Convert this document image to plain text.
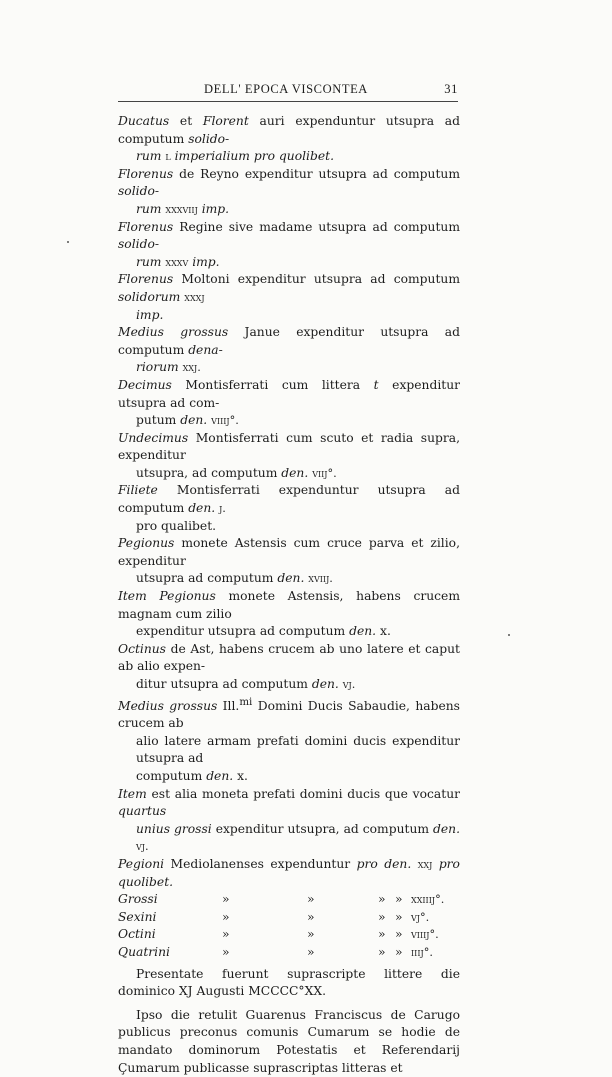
DELL' EPOCA VISCONTEA	31
Ducatus et Florent auri expenduntur utsupra ad computum solido-
rum l imperialium pro quolibet.
Florenus de Reyno expenditur utsupra ad computum solido-
rum xxxviij imp.
Florenus Regine sive madame utsupra ad computum solido-
rum xxxv imp.
Florenus Moltoni expenditur utsupra ad computum solidorum xxxj
imp.
Medius grossus Janue expenditur utsupra ad computum dena-
riorum xxj.
Decimus Montisferrati cum littera t expenditur utsupra ad com-
putum den. viiij°.
Undecimus Montisferrati cum scuto et radia supra, expenditur
utsupra, ad computum den. viij°.
Filiete Montisferrati expenduntur utsupra ad computum den. j.
pro qualibet.
Pegionus monete Astensis cum cruce parva et zilio, expenditur
utsupra ad computum den. xviij.
Item Pegionus monete Astensis, habens crucem magnam cum zilio
expenditur utsupra ad computum den. x.
Octinus de Ast, habens crucem ab uno latere et caput ab alio expen-
ditur utsupra ad computum den. vj.
Medius grossus Ill.$^{mi}$ Domini Ducis Sabaudie, habens crucem ab
alio latere armam prefati domini ducis expenditur utsupra ad
computum den. x.
Item est alia moneta prefati domini ducis que vocatur quartus
unius grossi expenditur utsupra, ad computum den. vj.
Pegioni Mediolanenses expenduntur pro den. xxj pro quolibet.
Grossi	»	»	» » xxiiij°.
Sexini	»	»	» » vj°.
Octini	»	»	» » viiij°.
Quatrini	»	»	» » iiij°.

Presentate fuerunt suprascripte littere die dominico XJ Augusti MCCCC°XX.

Ipso die retulit Guarenus Franciscus de Carugo publicus preconus comunis Cumarum se hodie de mandato dominorum Potestatis et Referendarij Çumarum publicasse suprascriptas litteras et
